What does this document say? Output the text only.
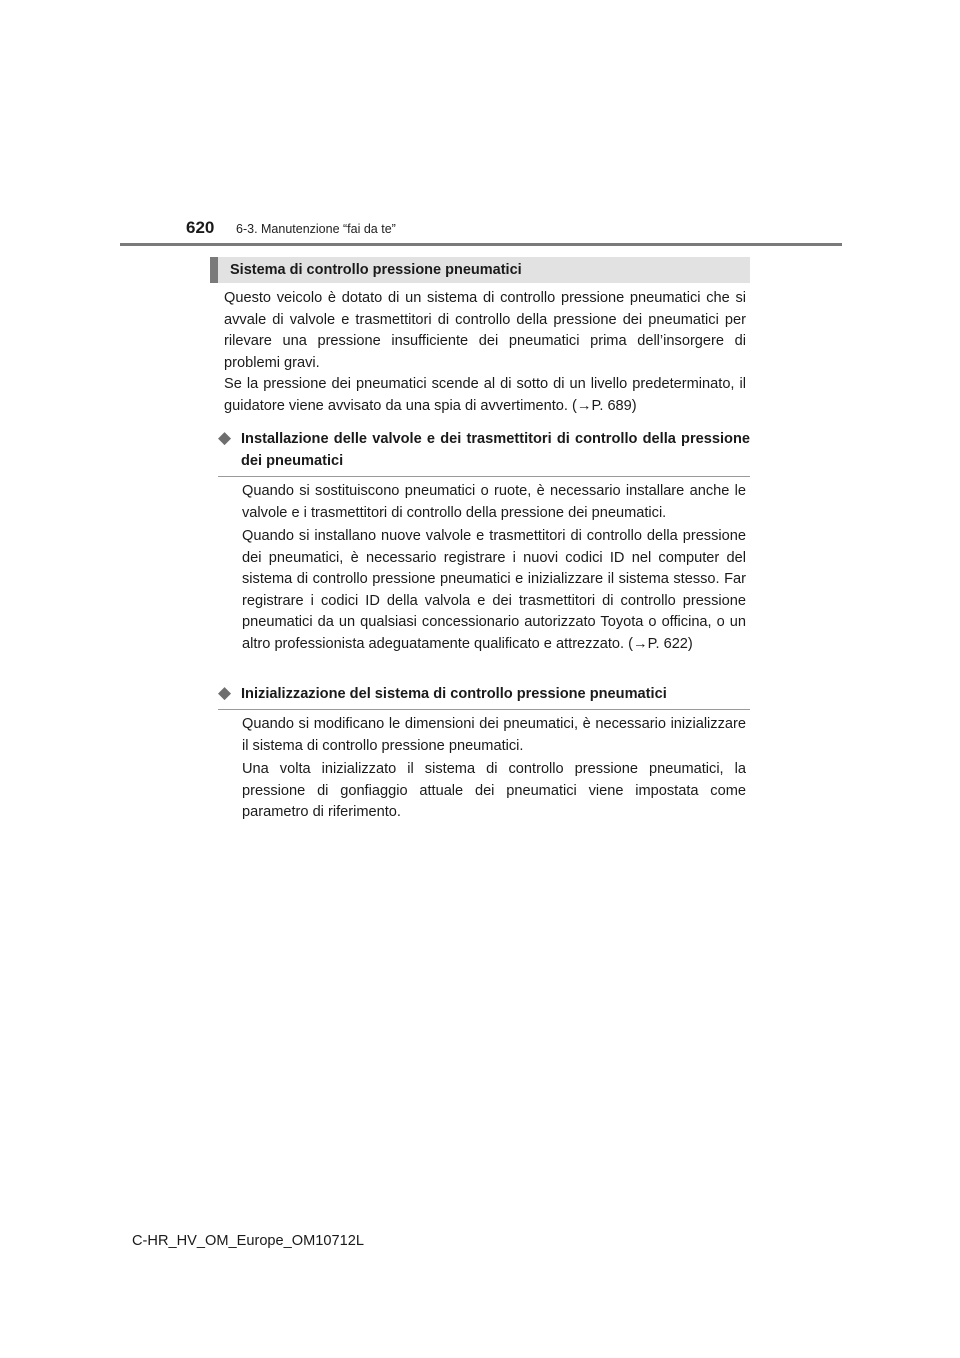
620 6-3. Manutenzione “fai da te”
Sistema di controllo pressione pneumatici

Questo veicolo è dotato di un sistema di controllo pressione pneumatici che si avvale di valvole e trasmettitori di controllo della pressione dei pneumatici per rilevare una pressione insufficiente dei pneumatici prima dell’insorgere di problemi gravi.

Se la pressione dei pneumatici scende al di sotto di un livello predeterminato, il guidatore viene avvisato da una spia di avvertimento. (→P. 689)

◆ Installazione delle valvole e dei trasmettitori di controllo della pressione dei pneumatici

Quando si sostituiscono pneumatici o ruote, è necessario installare anche le valvole e i trasmettitori di controllo della pressione dei pneumatici.

Quando si installano nuove valvole e trasmettitori di controllo della pressione dei pneumatici, è necessario registrare i nuovi codici ID nel computer del sistema di controllo pressione pneumatici e inizializzare il sistema stesso. Far registrare i codici ID della valvola e dei trasmettitori di controllo pressione pneumatici da un qualsiasi concessionario autorizzato Toyota o officina, o un altro professionista adeguatamente qualificato e attrezzato. (→P. 622)

◆ Inizializzazione del sistema di controllo pressione pneumatici

Quando si modificano le dimensioni dei pneumatici, è necessario inizializzare il sistema di controllo pressione pneumatici.

Una volta inizializzato il sistema di controllo pressione pneumatici, la pressione di gonfiaggio attuale dei pneumatici viene impostata come parametro di riferimento.

C-HR_HV_OM_Europe_OM10712L
